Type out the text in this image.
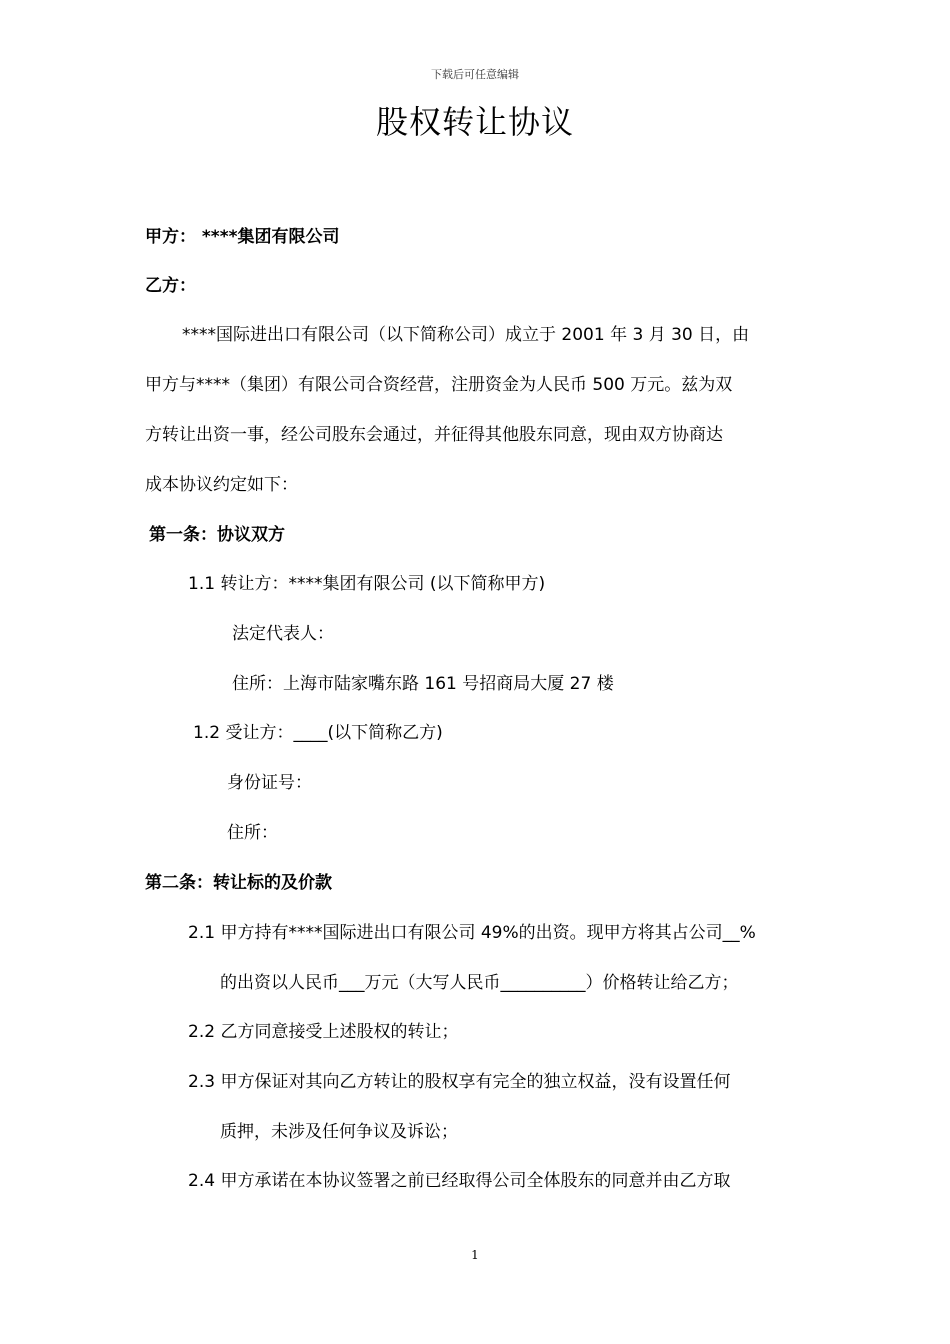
下载后可任意编辑
股权转让协议
甲方： ****集团有限公司
乙方：
****国际进出口有限公司（以下简称公司）成立于 2001 年 3 月 30 日，由
甲方与****（集团）有限公司合资经营，注册资金为人民币 500 万元。兹为双
方转让出资一事，经公司股东会通过，并征得其他股东同意，现由双方协商达
成本协议约定如下：
第一条：协议双方
1.1 转让方：****集团有限公司 (以下简称甲方)
法定代表人：
住所：上海市陆家嘴东路 161 号招商局大厦 27 楼
1.2 受让方：____(以下简称乙方)
身份证号：
住所：
第二条：转让标的及价款
2.1 甲方持有****国际进出口有限公司 49%的出资。现甲方将其占公司__%
的出资以人民币___万元（大写人民币__________）价格转让给乙方；
2.2 乙方同意接受上述股权的转让；
2.3 甲方保证对其向乙方转让的股权享有完全的独立权益，没有设置任何
质押，未涉及任何争议及诉讼；
2.4 甲方承诺在本协议签署之前已经取得公司全体股东的同意并由乙方取
1
